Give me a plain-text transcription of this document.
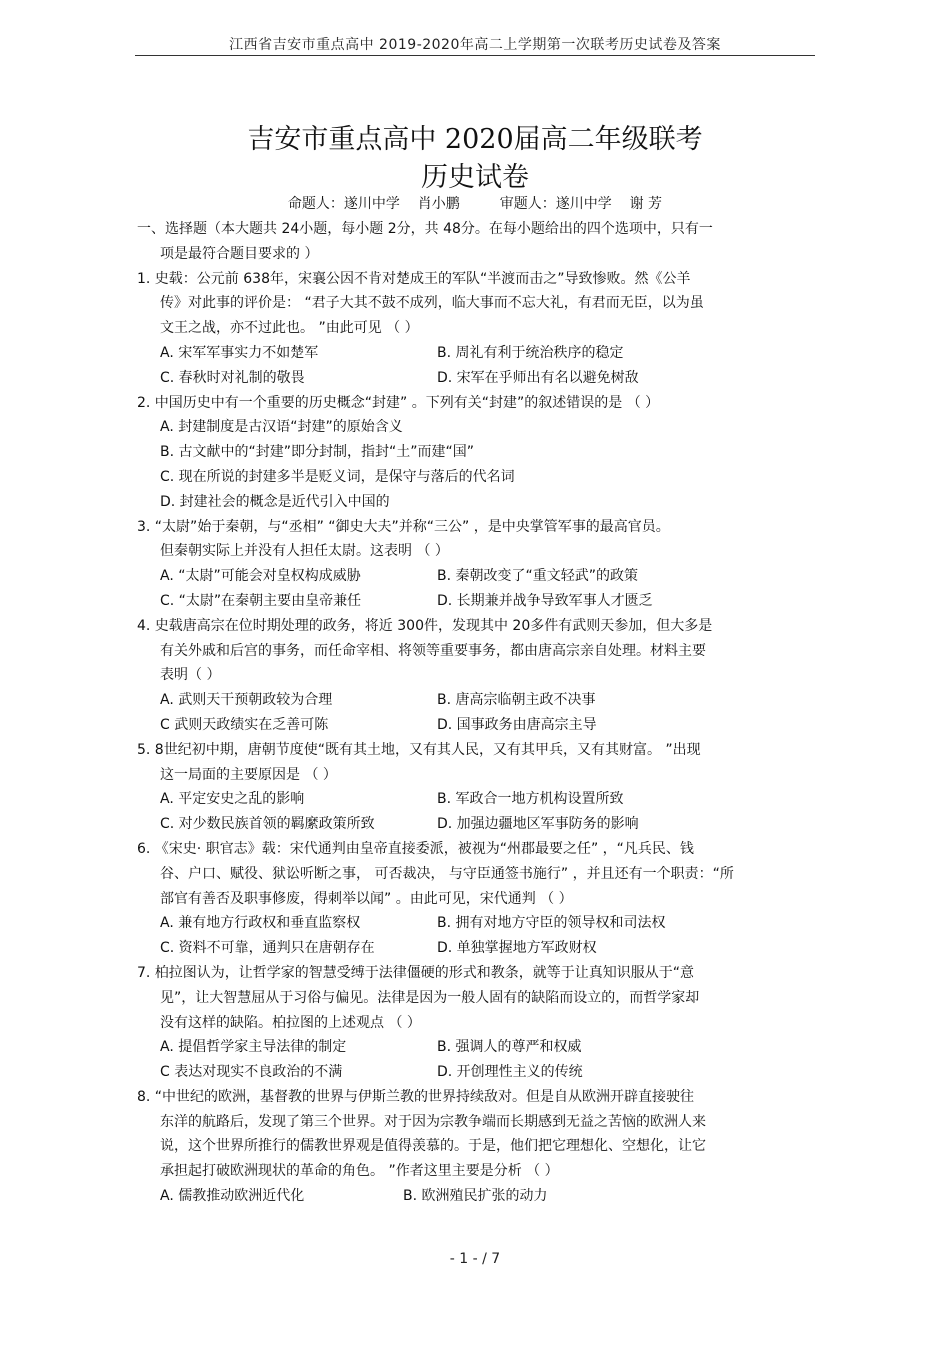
江西省吉安市重点高中 2019-2020年高二上学期第一次联考历史试卷及答案
吉安市重点高中 2020届高二年级联考
历史试卷
命题人：遂川中学 肖小鹏	审题人：遂川中学 谢 芳
一、选择题（本大题共 24小题，每小题 2分，共 48分。在每小题给出的四个选项中，只有一
项是最符合题目要求的 ）
1. 史载：公元前 638年，宋襄公因不肯对楚成王的军队“半渡而击之”导致惨败。然《公羊
传》对此事的评价是： “君子大其不鼓不成列，临大事而不忘大礼，有君而无臣，以为虽
文王之战，亦不过此也。 ”由此可见 （ ）
A. 宋军军事实力不如楚军	B. 周礼有利于统治秩序的稳定
C. 春秋时对礼制的敬畏	D. 宋军在乎师出有名以避免树敌
2. 中国历史中有一个重要的历史概念“封建” 。下列有关“封建”的叙述错误的是 （ ）
A. 封建制度是古汉语“封建”的原始含义
B. 古文献中的“封建”即分封制，指封“土”而建“国”
C. 现在所说的封建多半是贬义词，是保守与落后的代名词
D. 封建社会的概念是近代引入中国的
3. “太尉”始于秦朝，与“丞相” “御史大夫”并称“三公” ，是中央掌管军事的最高官员。
但秦朝实际上并没有人担任太尉。这表明 （ ）
A. “太尉”可能会对皇权构成威胁	B. 秦朝改变了“重文轻武”的政策
C. “太尉”在秦朝主要由皇帝兼任	D. 长期兼并战争导致军事人才匮乏
4. 史载唐高宗在位时期处理的政务，将近 300件，发现其中 20多件有武则天参加，但大多是
有关外戚和后宫的事务，而任命宰相、将领等重要事务，都由唐高宗亲自处理。材料主要
表明（ ）
A. 武则天干预朝政较为合理	B. 唐高宗临朝主政不决事
C 武则天政绩实在乏善可陈	D. 国事政务由唐高宗主导
5. 8世纪初中期，唐朝节度使“既有其土地，又有其人民，又有其甲兵，又有其财富。 ”出现
这一局面的主要原因是 （ ）
A. 平定安史之乱的影响	B. 军政合一地方机构设置所致
C. 对少数民族首领的羁縻政策所致	D. 加强边疆地区军事防务的影响
6. 《宋史· 职官志》载：宋代通判由皇帝直接委派，被视为“州郡最要之任” ，“凡兵民、钱
谷、户口、赋役、狱讼听断之事， 可否裁决， 与守臣通签书施行” ，并且还有一个职责：“所
部官有善否及职事修废，得刺举以闻” 。由此可见，宋代通判 （ ）
A. 兼有地方行政权和垂直监察权	B. 拥有对地方守臣的领导权和司法权
C. 资料不可靠，通判只在唐朝存在	D. 单独掌握地方军政财权
7. 柏拉图认为，让哲学家的智慧受缚于法律僵硬的形式和教条，就等于让真知识服从于“意
见”，让大智慧屈从于习俗与偏见。法律是因为一般人固有的缺陷而设立的，而哲学家却
没有这样的缺陷。柏拉图的上述观点 （ ）
A. 提倡哲学家主导法律的制定	B. 强调人的尊严和权威
C 表达对现实不良政治的不满	D. 开创理性主义的传统
8. “中世纪的欧洲，基督教的世界与伊斯兰教的世界持续敌对。但是自从欧洲开辟直接驶往
东洋的航路后，发现了第三个世界。对于因为宗教争端而长期感到无益之苦恼的欧洲人来
说，这个世界所推行的儒教世界观是值得羡慕的。于是，他们把它理想化、空想化，让它
承担起打破欧洲现状的革命的角色。 ”作者这里主要是分析 （ ）
A. 儒教推动欧洲近代化	B. 欧洲殖民扩张的动力
- 1 - / 7
